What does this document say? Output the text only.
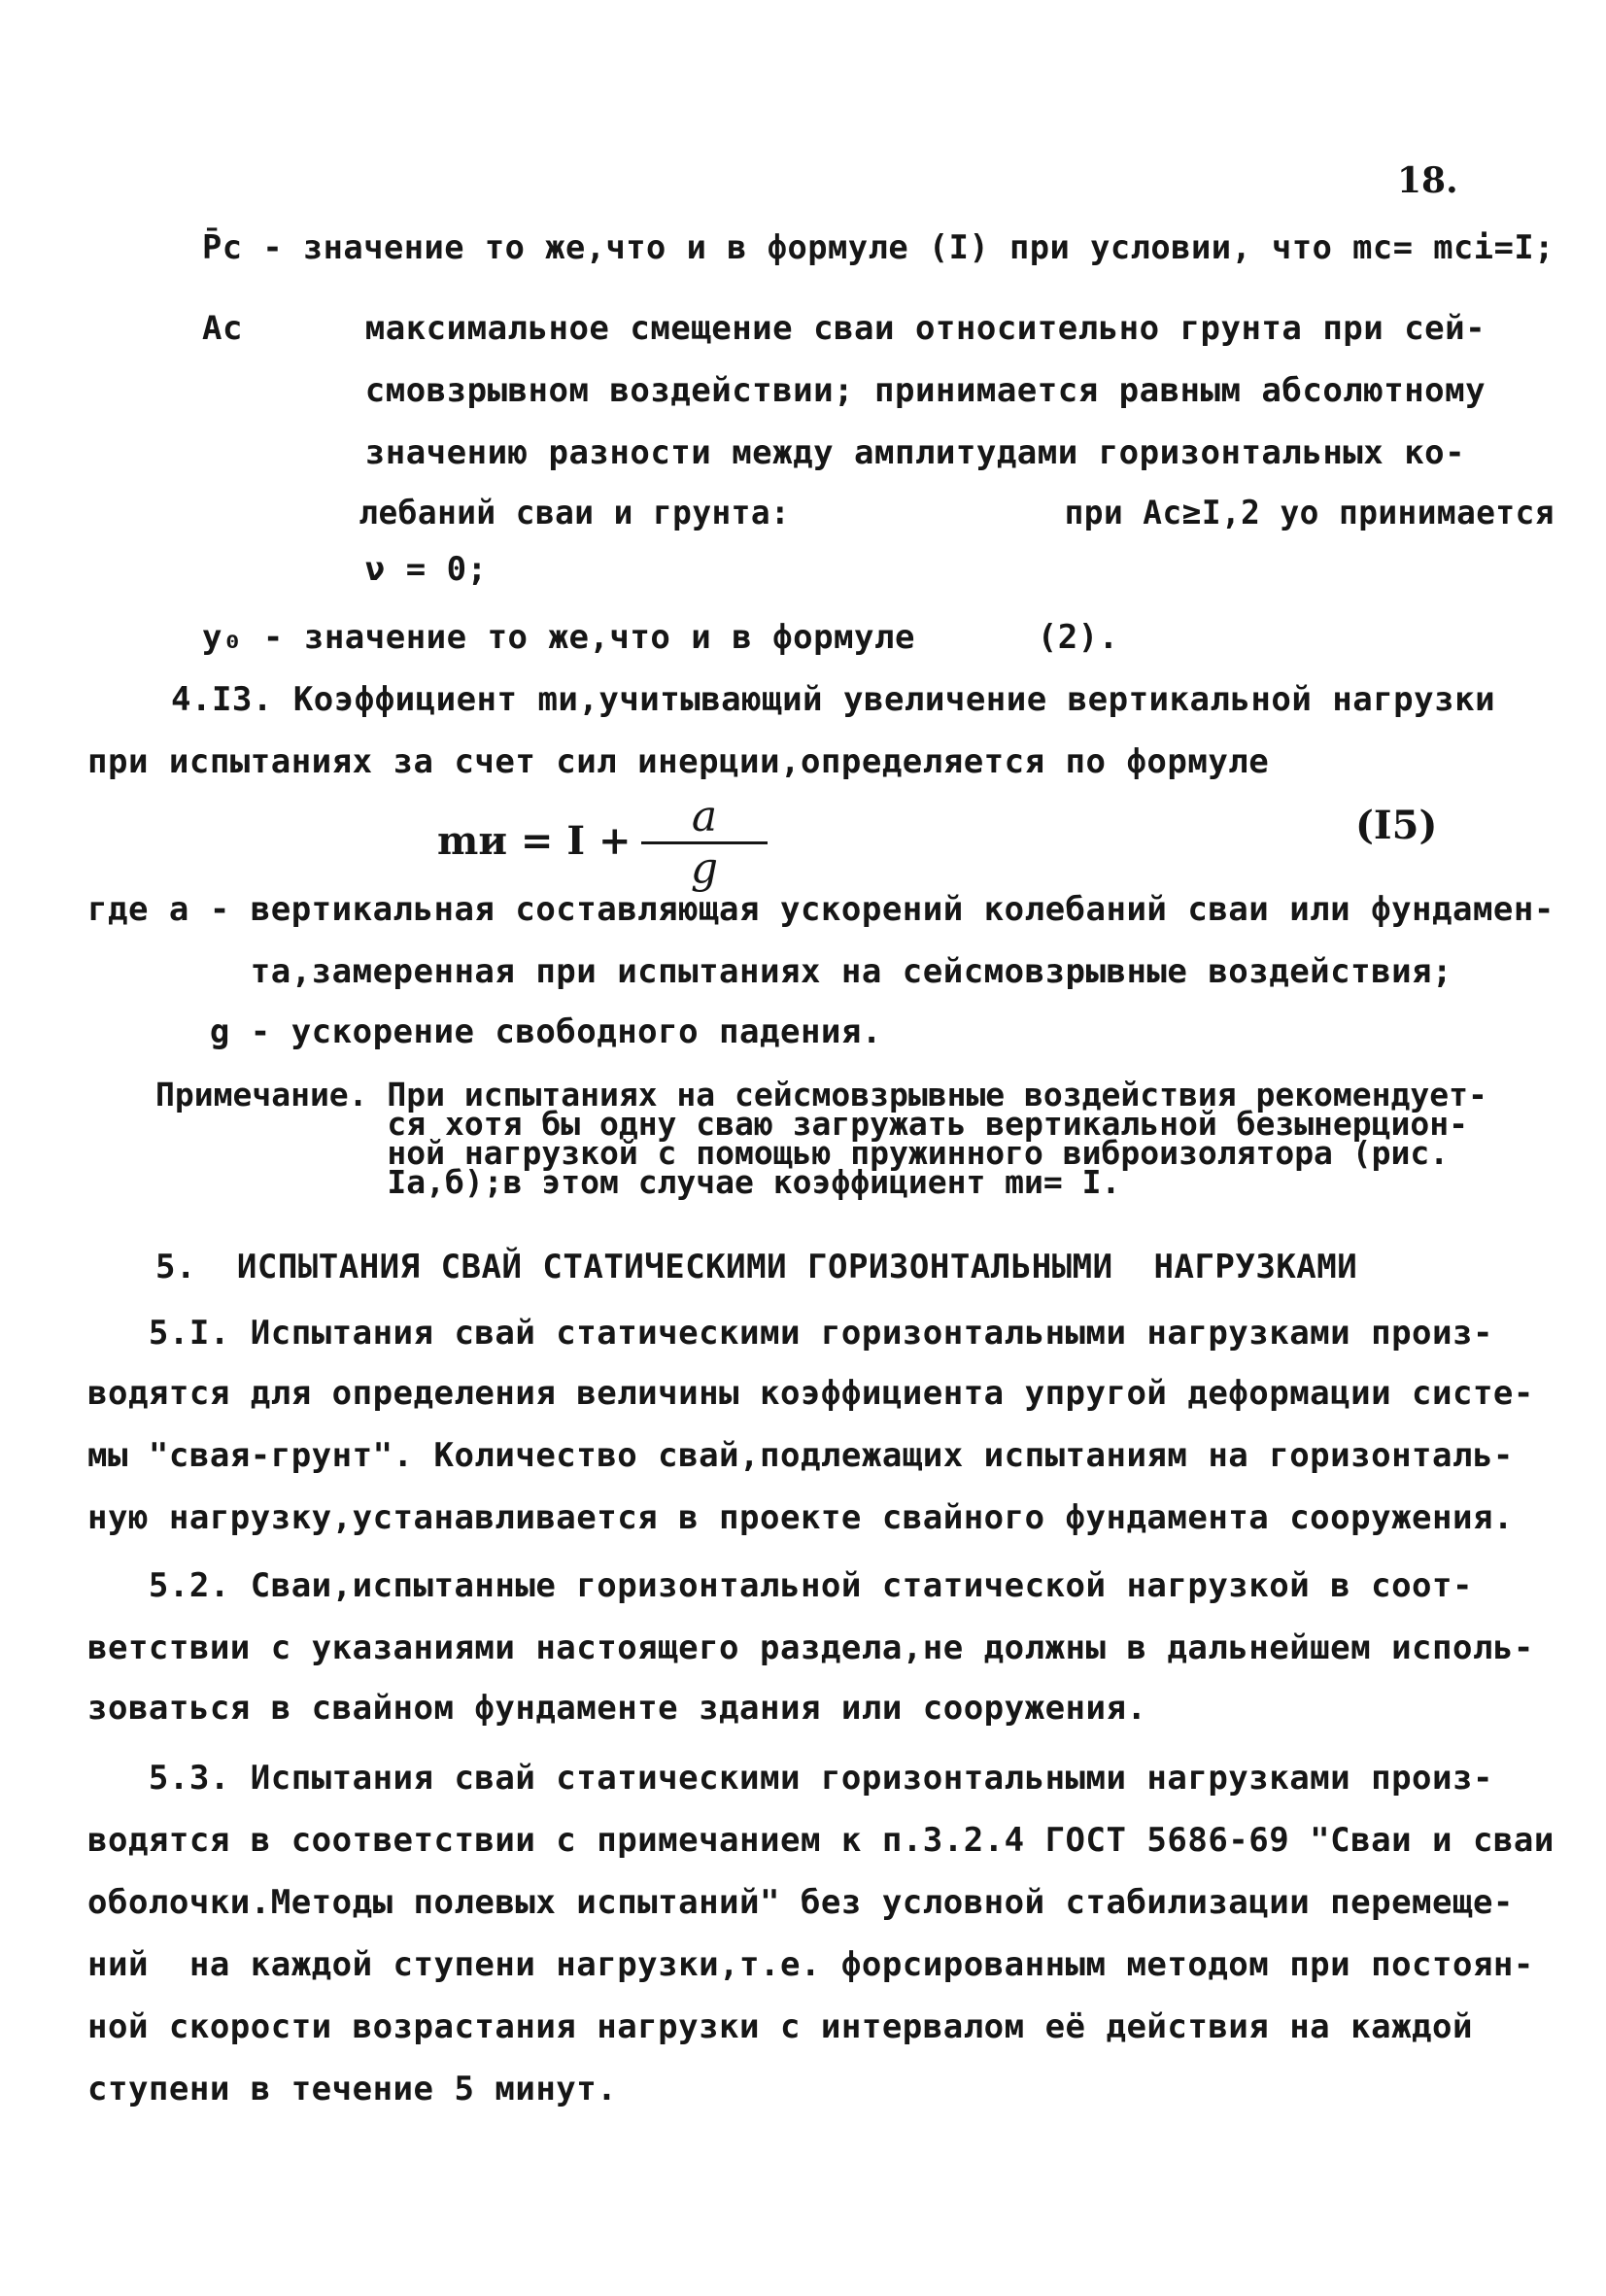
18.
P̄c - значение то же,что и в формуле (I) при условии, что mc= mci=I;
Аc      максимальное смещение сваи относительно грунта при сей-
смовзрывном воздействии; принимается равным абсолютному
значению разности между амплитудами горизонтальных ко-
лебаний сваи и грунта:              при Аc≥I,2 yo принимается
ν = 0;
y₀ - значение то же,что и в формуле      (2).
4.I3. Коэффициент mи,учитывающий увеличение вертикальной нагрузки
при испытаниях за счет сил инерции,определяется по формуле
mи = I + a
g
(I5)
где a - вертикальная составляющая ускорений колебаний сваи или фундамен-
та,замеренная при испытаниях на сейсмовзрывные воздействия;
g - ускорение свободного падения.
Примечание. При испытаниях на сейсмовзрывные воздействия рекомендует-
ся хотя бы одну сваю загружать вертикальной безынерцион-
ной нагрузкой с помощью пружинного виброизолятора (рис.
Iа,б);в этом случае коэффициент mи= I.
5.  ИСПЫТАНИЯ СВАЙ СТАТИЧЕСКИМИ ГОРИЗОНТАЛЬНЫМИ  НАГРУЗКАМИ
5.I. Испытания свай статическими горизонтальными нагрузками произ-
водятся для определения величины коэффициента упругой деформации систе-
мы "свая-грунт". Количество свай,подлежащих испытаниям на горизонталь-
ную нагрузку,устанавливается в проекте свайного фундамента сооружения.
5.2. Сваи,испытанные горизонтальной статической нагрузкой в соот-
ветствии с указаниями настоящего раздела,не должны в дальнейшем исполь-
зоваться в свайном фундаменте здания или сооружения.
5.3. Испытания свай статическими горизонтальными нагрузками произ-
водятся в соответствии с примечанием к п.3.2.4 ГОСТ 5686-69 "Сваи и сваи
оболочки.Методы полевых испытаний" без условной стабилизации перемеще-
ний  на каждой ступени нагрузки,т.е. форсированным методом при постоян-
ной скорости возрастания нагрузки с интервалом её действия на каждой
ступени в течение 5 минут.
